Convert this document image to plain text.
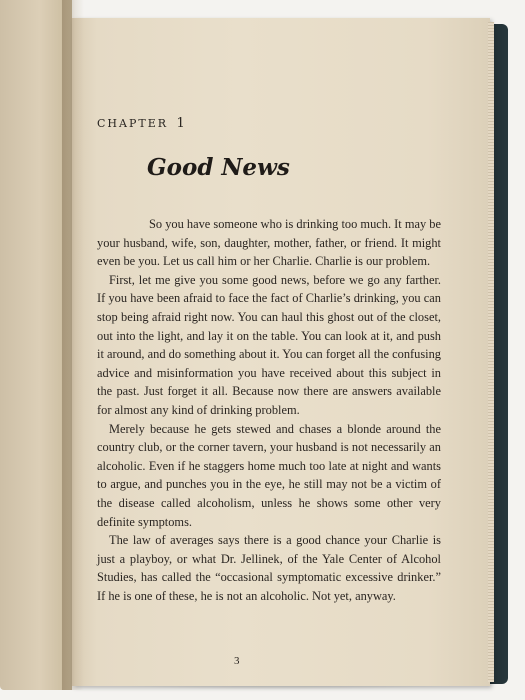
CHAPTER 1
Good News

So you have someone who is drinking too much. It may be your husband, wife, son, daughter, mother, father, or friend. It might even be you. Let us call him or her Charlie. Charlie is our problem.

First, let me give you some good news, before we go any farther. If you have been afraid to face the fact of Charlie’s drinking, you can stop being afraid right now. You can haul this ghost out of the closet, out into the light, and lay it on the table. You can look at it, and push it around, and do something about it. You can forget all the confusing advice and misinformation you have received about this subject in the past. Just forget it all. Because now there are answers available for almost any kind of drinking problem.

Merely because he gets stewed and chases a blonde around the country club, or the corner tavern, your husband is not necessarily an alcoholic. Even if he staggers home much too late at night and wants to argue, and punches you in the eye, he still may not be a victim of the disease called alcoholism, unless he shows some other very definite symptoms.

The law of averages says there is a good chance your Charlie is just a playboy, or what Dr. Jellinek, of the Yale Center of Alcohol Studies, has called the “occasional symptomatic excessive drinker.” If he is one of these, he is not an alcoholic. Not yet, anyway.

3
